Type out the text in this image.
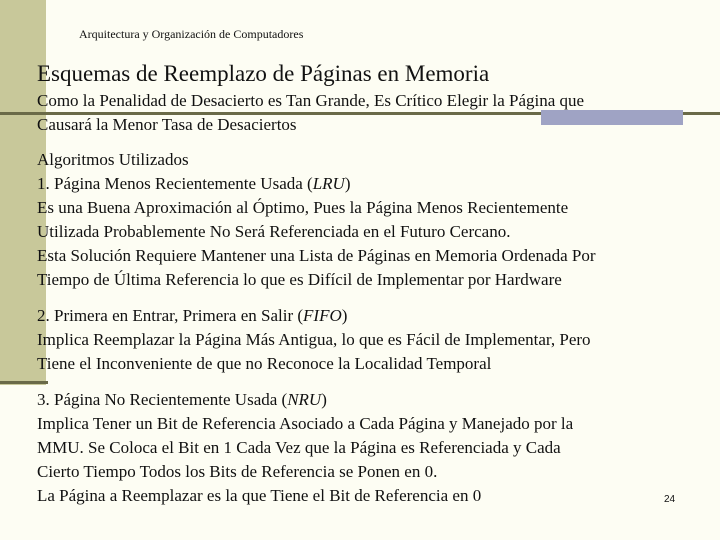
Arquitectura y Organización de Computadores
Esquemas de Reemplazo de Páginas en Memoria
Como la Penalidad de Desacierto es Tan Grande, Es Crítico Elegir la Página que
Causará la Menor Tasa de Desaciertos
Algoritmos Utilizados
1. Página Menos Recientemente Usada (LRU)
Es una Buena Aproximación al Óptimo, Pues la Página Menos Recientemente
Utilizada Probablemente No Será Referenciada en el Futuro Cercano.
Esta Solución Requiere Mantener una Lista de Páginas en Memoria Ordenada Por
Tiempo de Última Referencia lo que es Difícil de Implementar por Hardware
2. Primera en Entrar, Primera en Salir (FIFO)
Implica Reemplazar la Página Más Antigua, lo que es Fácil de Implementar, Pero
Tiene el Inconveniente de que no Reconoce la Localidad Temporal
3. Página No Recientemente Usada (NRU)
Implica Tener un Bit de Referencia Asociado a Cada Página y Manejado por la
MMU. Se Coloca el Bit en 1 Cada Vez que la Página es Referenciada y Cada
Cierto Tiempo Todos los Bits de Referencia se Ponen en 0.
La Página a Reemplazar es la que Tiene el Bit de Referencia en 0	24
